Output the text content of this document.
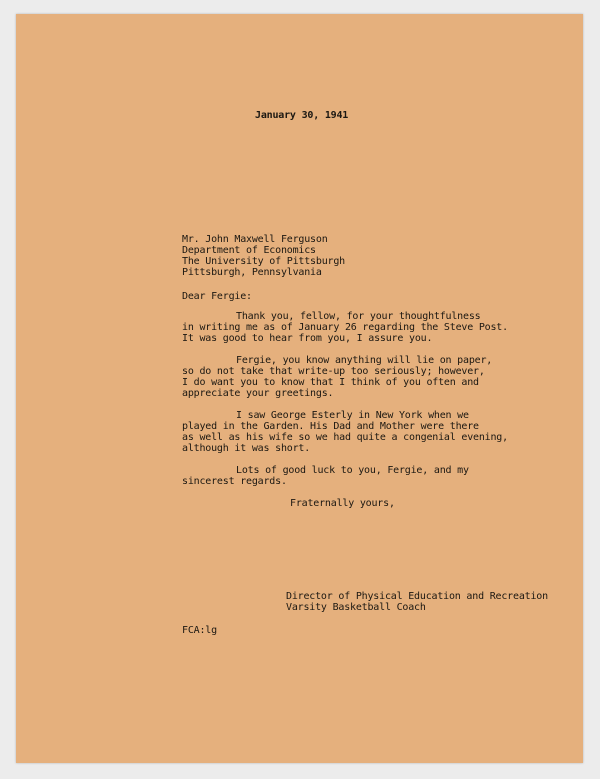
January 30, 1941
Mr. John Maxwell Ferguson
Department of Economics
The University of Pittsburgh
Pittsburgh, Pennsylvania
Dear Fergie:
Thank you, fellow, for your thoughtfulness
in writing me as of January 26 regarding the Steve Post.
It was good to hear from you, I assure you.
Fergie, you know anything will lie on paper,
so do not take that write-up too seriously; however,
I do want you to know that I think of you often and
appreciate your greetings.
I saw George Esterly in New York when we
played in the Garden. His Dad and Mother were there
as well as his wife so we had quite a congenial evening,
although it was short.
Lots of good luck to you, Fergie, and my
sincerest regards.
Fraternally yours,
Director of Physical Education and Recreation
Varsity Basketball Coach
FCA:lg
